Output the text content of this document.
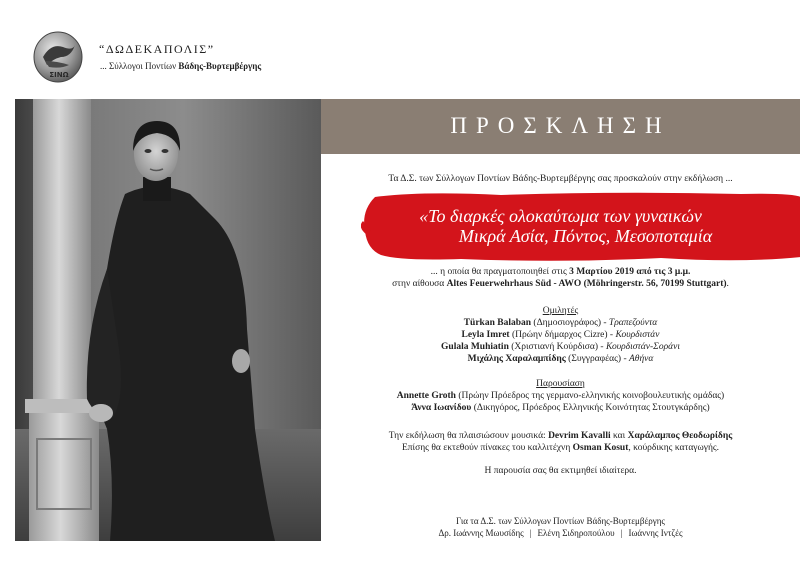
ΣΙΝΩ
“ΔΩΔΕΚΑΠΟΛΙΣ”
... Σύλλογοι Ποντίων Βάδης-Βυρτεμβέργης
ΠΡΟΣΚΛΗΣΗ
Τα Δ.Σ. των Σύλλογων Ποντίων Βάδης-Βυρτεμβέργης σας προσκαλούν στην εκδήλωση ...
«Το διαρκές ολοκαύτωμα των γυναικών
Μικρά Ασία, Πόντος, Μεσοποταμία
... η οποία θα πραγματοποιηθεί στις 3 Μαρτίου 2019 από τις 3 μ.μ.
στην αίθουσα Altes Feuerwehrhaus Süd - AWO (Möhringerstr. 56, 70199 Stuttgart).
Ομιλητές
Türkan Balaban (Δημοσιογράφος) - Τραπεζούντα
Leyla Imret (Πρώην δήμαρχος Cizre) - Κουρδιστάν
Gulala Muhiatin (Χριστιανή Κούρδισα) - Κουρδιστάν-Σοράνι
Μιχάλης Χαραλαμπίδης (Συγγραφέας) - Αθήνα
Παρουσίαση
Annette Groth (Πρώην Πρόεδρος της γερμανο-ελληνικής κοινοβουλευτικής ομάδας)
Άννα Ιωανίδου (Δικηγόρος, Πρόεδρος Ελληνικής Κοινότητας Στουτγκάρδης)
Την εκδήλωση θα πλαισιώσουν μουσικά: Devrim Kavalli και Χαράλαμπος Θεοδωρίδης
Επίσης θα εκτεθούν πίνακες του καλλιτέχνη Osman Kosut, κούρδικης καταγωγής.
Η παρουσία σας θα εκτιμηθεί ιδιαίτερα.
Για τα Δ.Σ. των Σύλλογων Ποντίων Βάδης-Βυρτεμβέργης
Δρ. Ιωάννης Μωυσίδης | Ελένη Σιδηροπούλου | Ιωάννης Ιντζές
